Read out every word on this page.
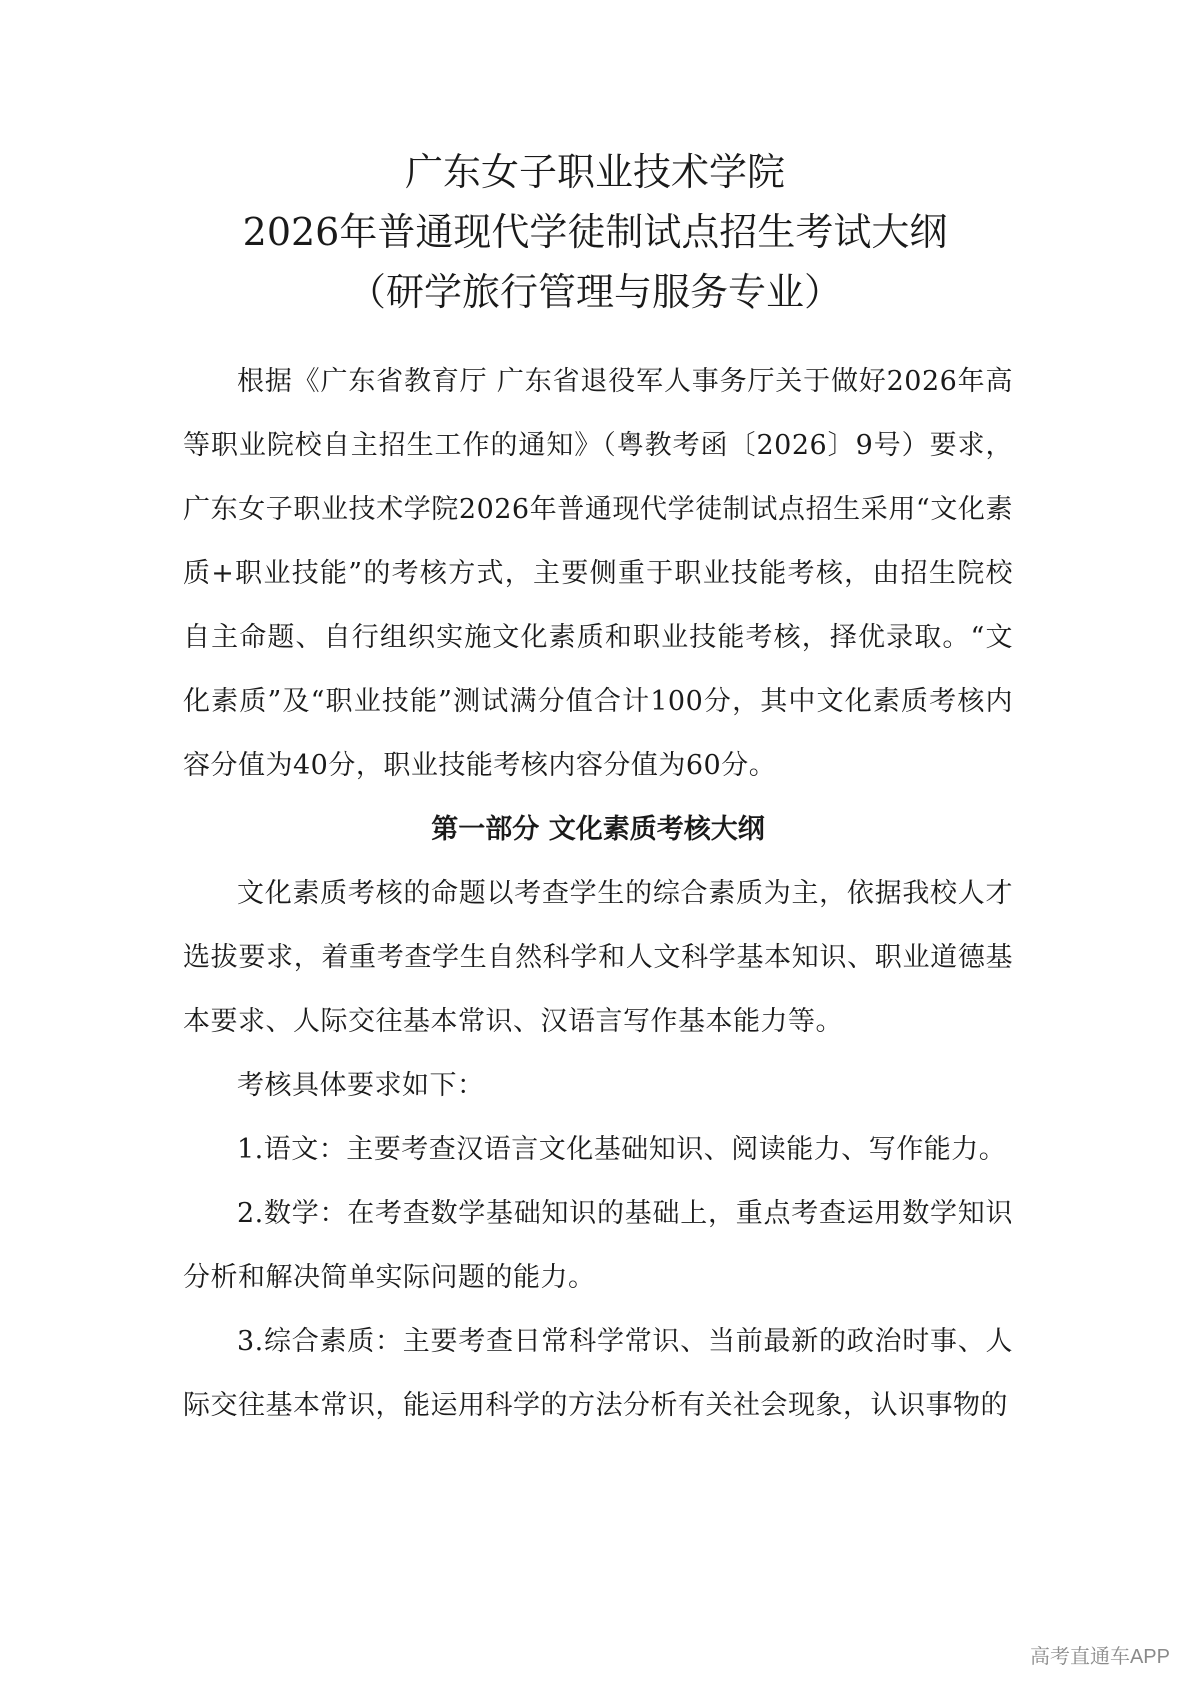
广东女子职业技术学院
2026年普通现代学徒制试点招生考试大纲
（研学旅行管理与服务专业）

根据《广东省教育厅 广东省退役军人事务厅关于做好2026年高等职业院校自主招生工作的通知》（粤教考函〔2026〕9号）要求，广东女子职业技术学院2026年普通现代学徒制试点招生采用“文化素质+职业技能”的考核方式，主要侧重于职业技能考核，由招生院校自主命题、自行组织实施文化素质和职业技能考核，择优录取。“文化素质”及“职业技能”测试满分值合计100分，其中文化素质考核内容分值为40分，职业技能考核内容分值为60分。

第一部分 文化素质考核大纲

文化素质考核的命题以考查学生的综合素质为主，依据我校人才选拔要求，着重考查学生自然科学和人文科学基本知识、职业道德基本要求、人际交往基本常识、汉语言写作基本能力等。

考核具体要求如下：

1.语文：主要考查汉语言文化基础知识、阅读能力、写作能力。

2.数学：在考查数学基础知识的基础上，重点考查运用数学知识分析和解决简单实际问题的能力。

3.综合素质：主要考查日常科学常识、当前最新的政治时事、人际交往基本常识，能运用科学的方法分析有关社会现象，认识事物的

高考直通车APP
